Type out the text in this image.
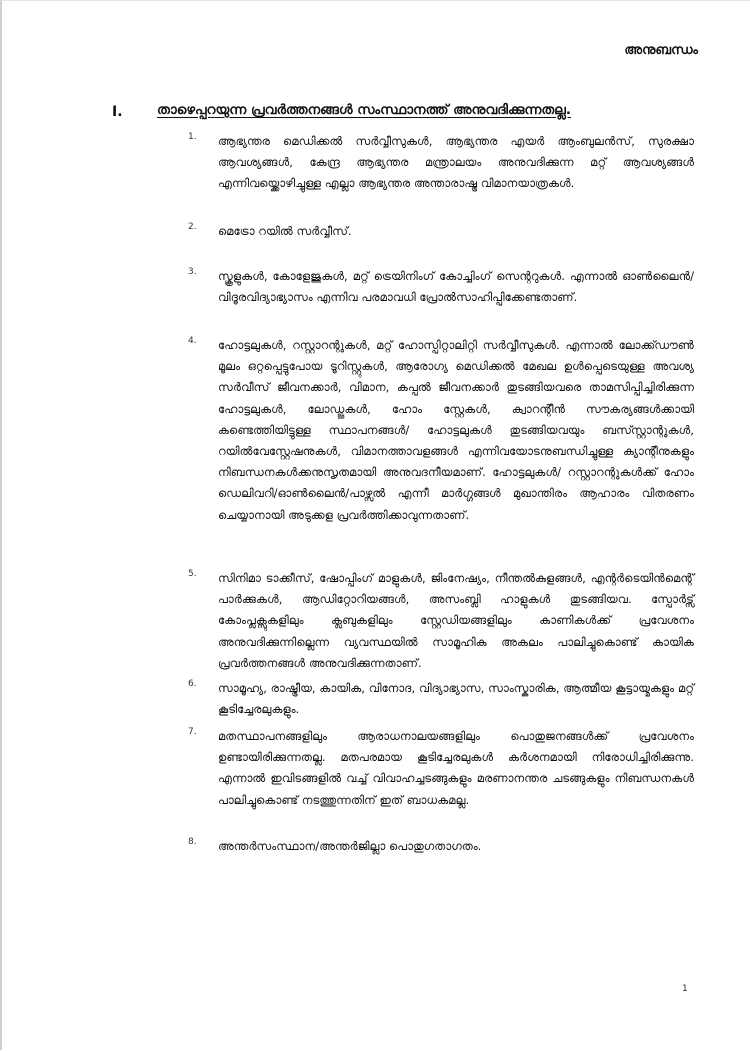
അനുബന്ധം
I.	താഴെപ്പറയുന്ന പ്രവർത്തനങ്ങൾ സംസ്ഥാനത്ത് അനുവദിക്കുന്നതല്ല.
1. ആഭ്യന്തര മെഡിക്കൽ സർവ്വീസുകൾ, ആഭ്യന്തര എയർ ആംബുലൻസ്, സുരക്ഷാ ആവശ്യങ്ങൾ, കേന്ദ്ര ആഭ്യന്തര മന്ത്രാലയം അനുവദിക്കുന്ന മറ്റ് ആവശ്യങ്ങൾ എന്നിവയ്ക്കൊഴിച്ചുള്ള എല്ലാ ആഭ്യന്തര അന്താരാഷ്ട്ര വിമാനയാത്രകൾ.
2. മെട്രോ റയിൽ സർവ്വീസ്.
3. സ്കൂളുകൾ, കോളേജുകൾ, മറ്റ് ട്രെയിനിംഗ് കോച്ചിംഗ് സെന്ററുകൾ. എന്നാൽ ഓൺലൈൻ/വിദൂരവിദ്യാഭ്യാസം എന്നിവ പരമാവധി പ്രോൽസാഹിപ്പിക്കേണ്ടതാണ്.
4. ഹോട്ടലുകൾ, റസ്റ്റാറന്റുകൾ, മറ്റ് ഹോസ്പിറ്റാലിറ്റി സർവ്വീസുകൾ. എന്നാൽ ലോക്ക്ഡൗൺ മൂലം ഒറ്റപ്പെട്ടുപോയ ടൂറിസ്റ്റുകൾ, ആരോഗ്യ മെഡിക്കൽ മേഖല ഉൾപ്പെടെയുള്ള അവശ്യ സർവീസ് ജീവനക്കാർ, വിമാന, കപ്പൽ ജീവനക്കാർ തുടങ്ങിയവരെ താമസിപ്പിച്ചിരിക്കുന്ന ഹോട്ടലുകൾ, ലോഡ്ജുകൾ, ഹോം സ്റ്റേകൾ, ക്വാറന്റീൻ സൗകര്യങ്ങൾക്കായി കണ്ടെത്തിയിട്ടുള്ള സ്ഥാപനങ്ങൾ/ ഹോട്ടലുകൾ തുടങ്ങിയവയും ബസ്സ്റ്റാന്റുകൾ, റയിൽവേസ്റ്റേഷനുകൾ, വിമാനത്താവളങ്ങൾ എന്നിവയോടനുബന്ധിച്ചുള്ള ക്യാന്റീനുകളും നിബന്ധനകൾക്കനുസൃതമായി അനുവദനീയമാണ്. ഹോട്ടലുകൾ/ റസ്റ്റാറന്റുകൾക്ക് ഹോം ഡെലിവറി/ഓൺലൈൻ/പാഴ്സൽ എന്നീ മാർഗ്ഗങ്ങൾ മുഖാന്തിരം ആഹാരം വിതരണം ചെയ്യാനായി അടുക്കള പ്രവർത്തിക്കാവുന്നതാണ്.
5. സിനിമാ ടാക്കീസ്, ഷോപ്പിംഗ് മാളുകൾ, ജിംനേഷ്യം, നീന്തൽകുളങ്ങൾ, എന്റർടെയിൻമെന്റ് പാർക്കുകൾ, ആഡിറ്റോറിയങ്ങൾ, അസംബ്ലി ഹാളുകൾ തുടങ്ങിയവ. സ്പോർട്സ് കോംപ്ലക്സുകളിലും ക്ലബുകളിലും സ്റ്റേഡിയങ്ങളിലും കാണികൾക്ക് പ്രവേശനം അനുവദിക്കുന്നില്ലെന്ന വ്യവസ്ഥയിൽ സാമൂഹിക അകലം പാലിച്ചുകൊണ്ട് കായിക പ്രവർത്തനങ്ങൾ അനുവദിക്കുന്നതാണ്.
6. സാമൂഹ്യ, രാഷ്ട്രീയ, കായിക, വിനോദ, വിദ്യാഭ്യാസ, സാംസ്കാരിക, ആത്മീയ കൂട്ടായ്മകളും മറ്റ് കൂടിച്ചേരലുകളും.
7. മതസ്ഥാപനങ്ങളിലും ആരാധനാലയങ്ങളിലും പൊതുജനങ്ങൾക്ക് പ്രവേശനം ഉണ്ടായിരിക്കുന്നതല്ല. മതപരമായ കൂടിച്ചേരലുകൾ കർശനമായി നിരോധിച്ചിരിക്കുന്നു. എന്നാൽ ഇവിടങ്ങളിൽ വച്ച് വിവാഹച്ചടങ്ങുകളും മരണാനന്തര ചടങ്ങുകളും നിബന്ധനകൾ പാലിച്ചുകൊണ്ട് നടത്തുന്നതിന് ഇത് ബാധകമല്ല.
8. അന്തർസംസ്ഥാന/അന്തർജില്ലാ പൊതുഗതാഗതം.
1
